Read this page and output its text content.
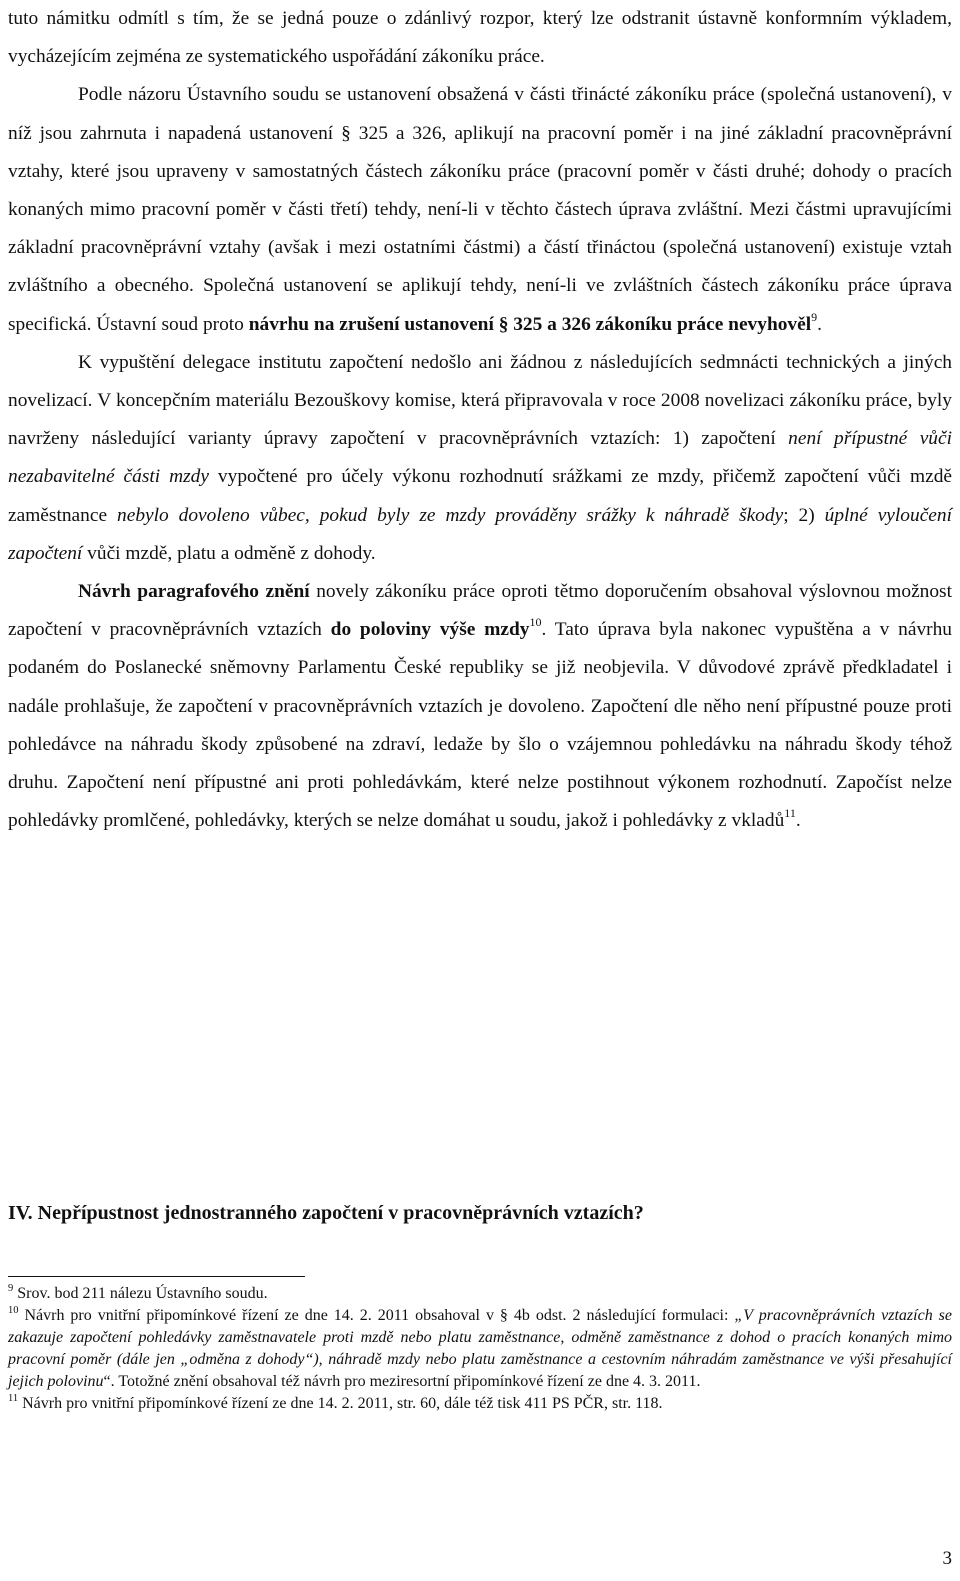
tuto námitku odmítl s tím, že se jedná pouze o zdánlivý rozpor, který lze odstranit ústavně konformním výkladem, vycházejícím zejména ze systematického uspořádání zákoníku práce.

Podle názoru Ústavního soudu se ustanovení obsažená v části třinácté zákoníku práce (společná ustanovení), v níž jsou zahrnuta i napadená ustanovení § 325 a 326, aplikují na pracovní poměr i na jiné základní pracovněprávní vztahy, které jsou upraveny v samostatných částech zákoníku práce (pracovní poměr v části druhé; dohody o pracích konaných mimo pracovní poměr v části třetí) tehdy, není-li v těchto částech úprava zvláštní. Mezi částmi upravujícími základní pracovněprávní vztahy (avšak i mezi ostatními částmi) a částí třináctou (společná ustanovení) existuje vztah zvláštního a obecného. Společná ustanovení se aplikují tehdy, není-li ve zvláštních částech zákoníku práce úprava specifická. Ústavní soud proto návrhu na zrušení ustanovení § 325 a 326 zákoníku práce nevyhověl$^9$.

K vypuštění delegace institutu započtení nedošlo ani žádnou z následujících sedmnácti technických a jiných novelizací. V koncepčním materiálu Bezouškovy komise, která připravovala v roce 2008 novelizaci zákoníku práce, byly navrženy následující varianty úpravy započtení v pracovněprávních vztazích: 1) započtení není přípustné vůči nezabavitelné části mzdy vypočtené pro účely výkonu rozhodnutí srážkami ze mzdy, přičemž započtení vůči mzdě zaměstnance nebylo dovoleno vůbec, pokud byly ze mzdy prováděny srážky k náhradě škody; 2) úplné vyloučení započtení vůči mzdě, platu a odměně z dohody.

Návrh paragrafového znění novely zákoníku práce oproti tětmo doporučením obsahoval výslovnou možnost započtení v pracovněprávních vztazích do poloviny výše mzdy$^{10}$. Tato úprava byla nakonec vypuštěna a v návrhu podaném do Poslanecké sněmovny Parlamentu České republiky se již neobjevila. V důvodové zprávě předkladatel i nadále prohlašuje, že započtení v pracovněprávních vztazích je dovoleno. Započtení dle něho není přípustné pouze proti pohledávce na náhradu škody způsobené na zdraví, ledaže by šlo o vzájemnou pohledávku na náhradu škody téhož druhu. Započtení není přípustné ani proti pohledávkám, které nelze postihnout výkonem rozhodnutí. Započíst nelze pohledávky promlčené, pohledávky, kterých se nelze domáhat u soudu, jakož i pohledávky z vkladů$^{11}$.

IV. Nepřípustnost jednostranného započtení v pracovněprávních vztazích?

$^9$ Srov. bod 211 nálezu Ústavního soudu.

$^{10}$ Návrh pro vnitřní připomínkové řízení ze dne 14. 2. 2011 obsahoval v § 4b odst. 2 následující formulaci: „V pracovněprávních vztazích se zakazuje započtení pohledávky zaměstnavatele proti mzdě nebo platu zaměstnance, odměně zaměstnance z dohod o pracích konaných mimo pracovní poměr (dále jen „odměna z dohody“), náhradě mzdy nebo platu zaměstnance a cestovním náhradám zaměstnance ve výši přesahující jejich polovinu“. Totožné znění obsahoval též návrh pro meziresortní připomínkové řízení ze dne 4. 3. 2011.

$^{11}$ Návrh pro vnitřní připomínkové řízení ze dne 14. 2. 2011, str. 60, dále též tisk 411 PS PČR, str. 118.

3
